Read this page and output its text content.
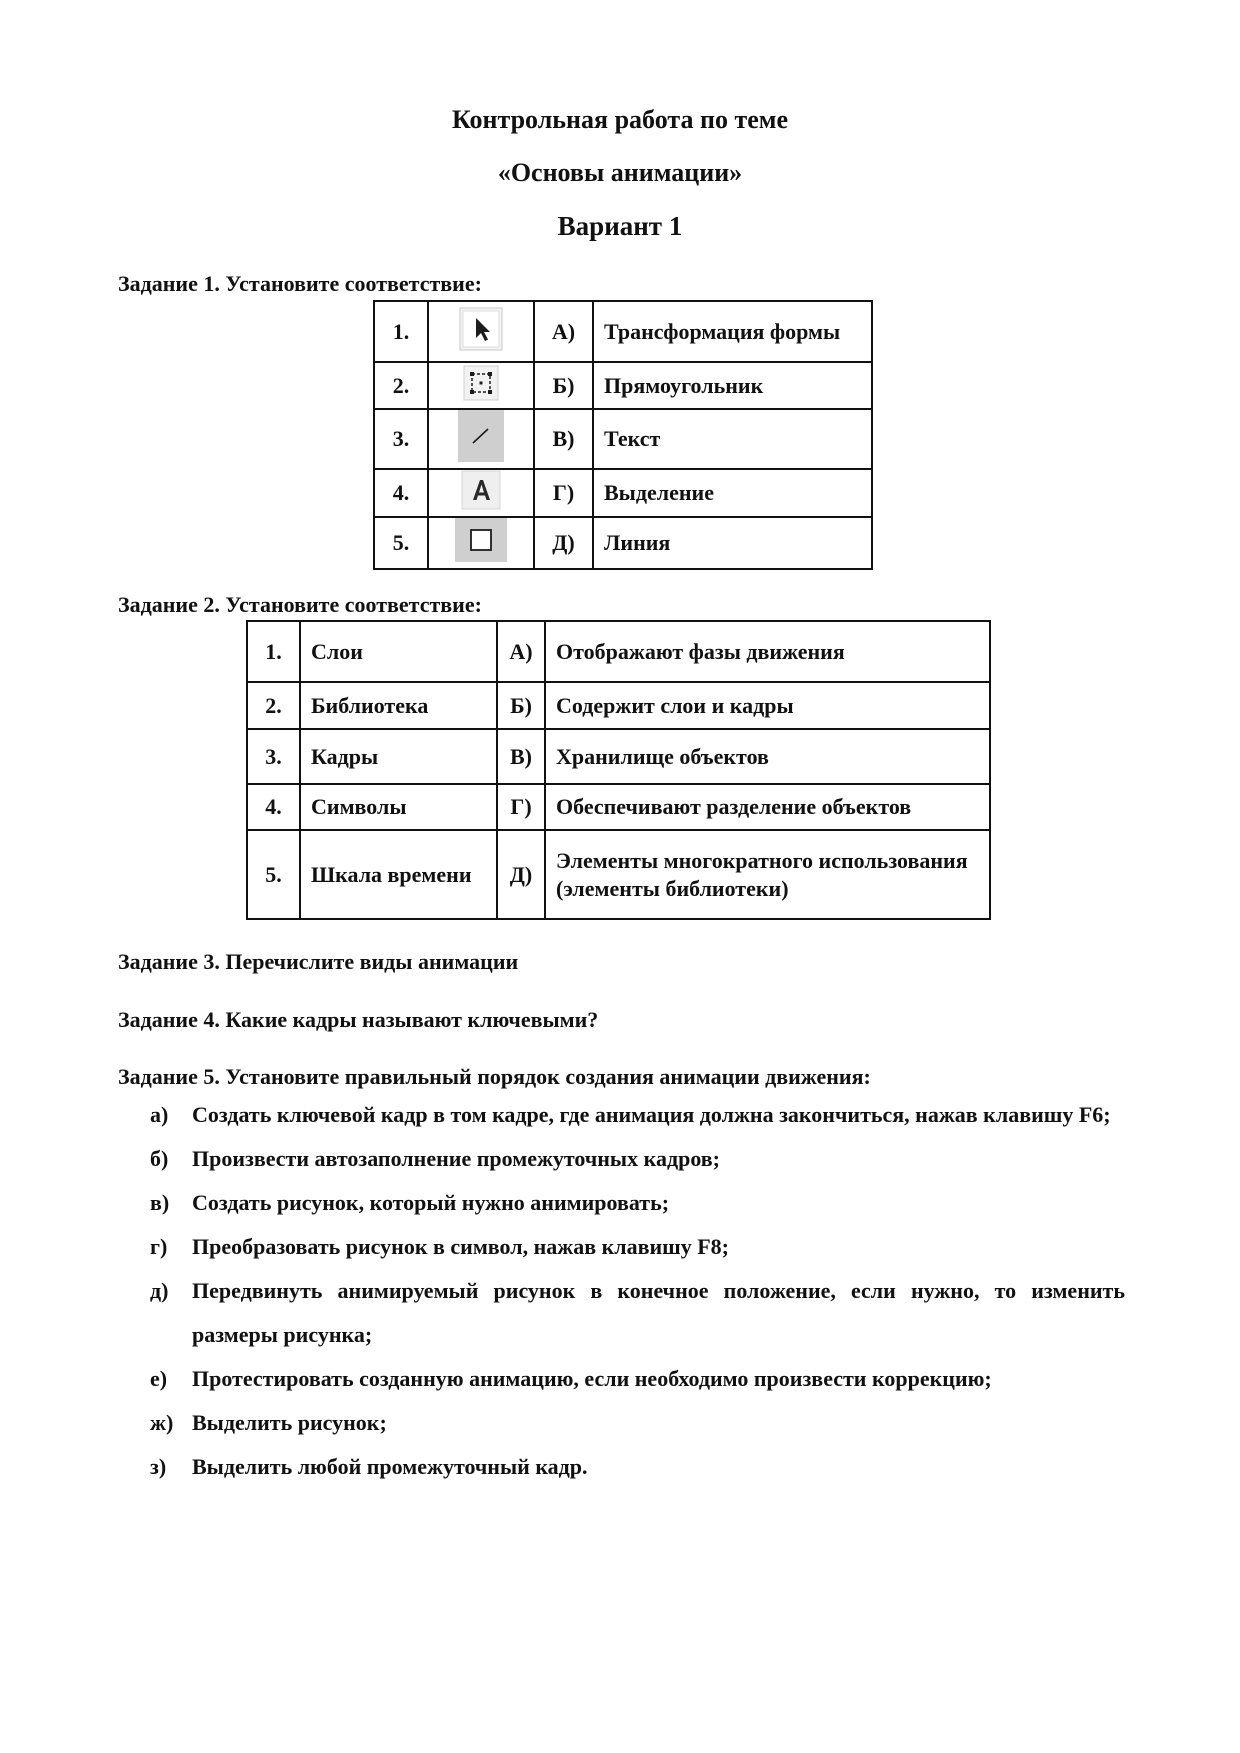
Контрольная работа по теме
«Основы анимации»
Вариант 1
Задание 1. Установите соответствие:
1.		А)	Трансформация формы
2.		Б)	Прямоугольник
3.		В)	Текст
4.		Г)	Выделение
5.		Д)	Линия
Задание 2. Установите соответствие:
1.	Слои	А)	Отображают фазы движения
2.	Библиотека	Б)	Содержит слои и кадры
3.	Кадры	В)	Хранилище объектов
4.	Символы	Г)	Обеспечивают разделение объектов
5.	Шкала времени	Д)	Элементы многократного использования (элементы библиотеки)
Задание 3. Перечислите виды анимации
Задание 4. Какие кадры называют ключевыми?
Задание 5. Установите правильный порядок создания анимации движения:
а)	Создать ключевой кадр в том кадре, где анимация должна закончиться, нажав клавишу F6;
б)	Произвести автозаполнение промежуточных кадров;
в)	Создать рисунок, который нужно анимировать;
г)	Преобразовать рисунок в символ, нажав клавишу F8;
д)	Передвинуть анимируемый рисунок в конечное положение, если нужно, то изменить размеры рисунка;
е)	Протестировать созданную анимацию, если необходимо произвести коррекцию;
ж) Выделить рисунок;
з)	Выделить любой промежуточный кадр.
